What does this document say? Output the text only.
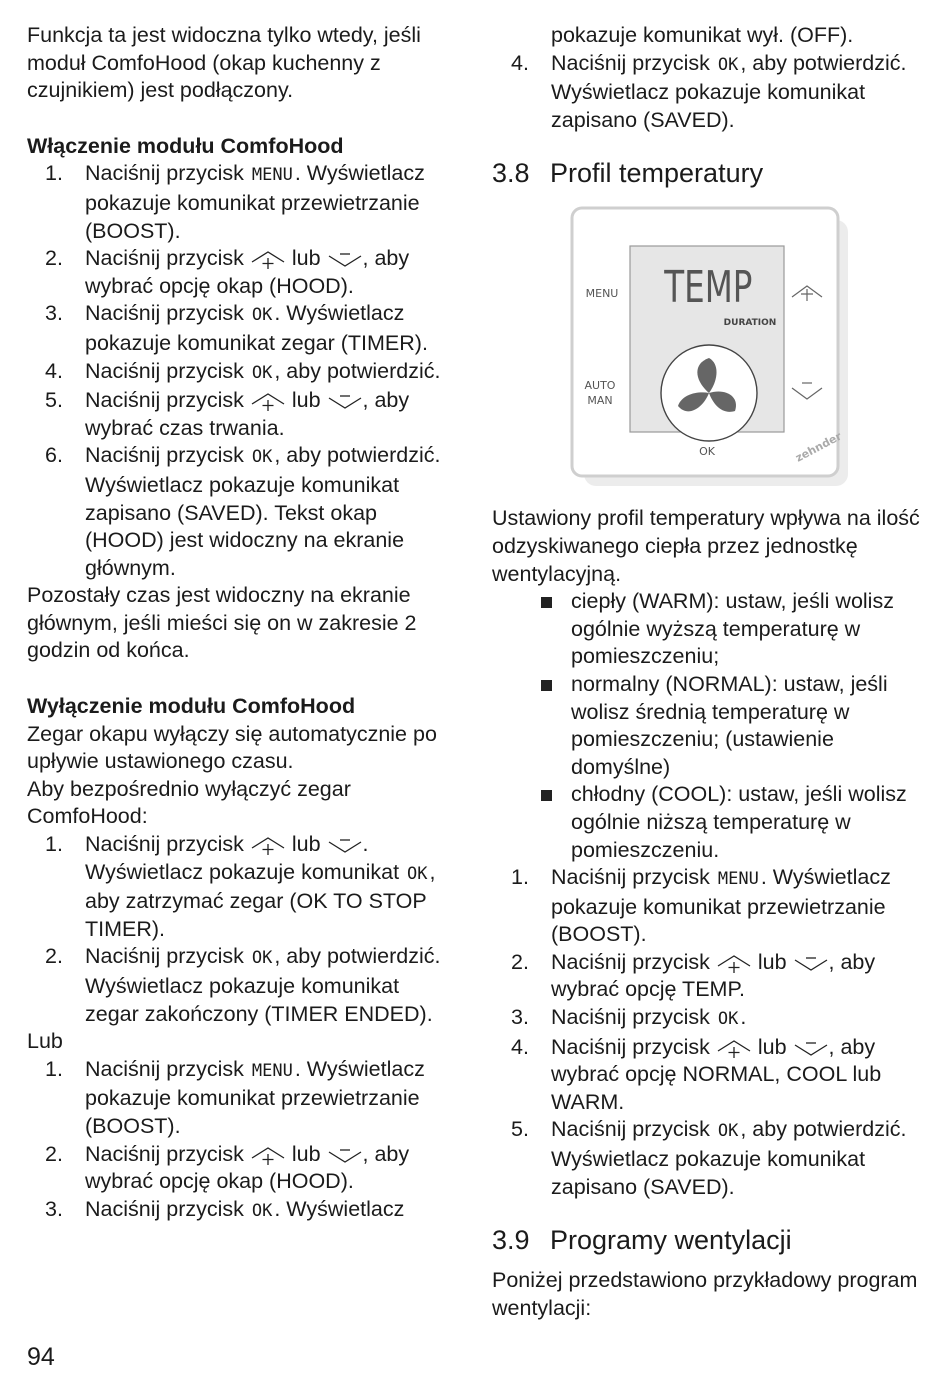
Funkcja ta jest widoczna tylko wtedy, jeśli moduł ComfoHood (okap kuchenny z czujnikiem) jest podłączony.

Włączenie modułu ComfoHood

1. Naciśnij przycisk MENU. Wyświetlacz pokazuje komunikat przewietrzanie (BOOST).
2. Naciśnij przycisk  lub , aby wybrać opcję okap (HOOD).
3. Naciśnij przycisk OK. Wyświetlacz pokazuje komunikat zegar (TIMER).
4. Naciśnij przycisk OK, aby potwierdzić.
5. Naciśnij przycisk  lub , aby wybrać czas trwania.
6. Naciśnij przycisk OK, aby potwierdzić. Wyświetlacz pokazuje komunikat zapisano (SAVED). Tekst okap (HOOD) jest widoczny na ekranie głównym.

Pozostały czas jest widoczny na ekranie głównym, jeśli mieści się on w zakresie 2 godzin od końca.

Wyłączenie modułu ComfoHood

Zegar okapu wyłączy się automatycznie po upływie ustawionego czasu.

Aby bezpośrednio wyłączyć zegar ComfoHood:

1. Naciśnij przycisk  lub . Wyświetlacz pokazuje komunikat OK, aby zatrzymać zegar (OK TO STOP TIMER).
2. Naciśnij przycisk OK, aby potwierdzić. Wyświetlacz pokazuje komunikat zegar zakończony (TIMER ENDED).

Lub

1. Naciśnij przycisk MENU. Wyświetlacz pokazuje komunikat przewietrzanie (BOOST).
2. Naciśnij przycisk  lub , aby wybrać opcję okap (HOOD).
3. Naciśnij przycisk OK. Wyświetlacz

pokazuje komunikat wył. (OFF).

4. Naciśnij przycisk OK, aby potwierdzić. Wyświetlacz pokazuje komunikat zapisano (SAVED).
3.8 Profil temperatury
TEMP
DURATION
MENU
AUTO
MAN
OK	zehnder

Ustawiony profil temperatury wpływa na ilość odzyskiwanego ciepła przez jednostkę wentylacyjną.

ciepły (WARM): ustaw, jeśli wolisz ogólnie wyższą temperaturę w pomieszczeniu;
normalny (NORMAL): ustaw, jeśli wolisz średnią temperaturę w pomieszczeniu; (ustawienie domyślne)
chłodny (COOL): ustaw, jeśli wolisz ogólnie niższą temperaturę w pomieszczeniu.
1. Naciśnij przycisk MENU. Wyświetlacz pokazuje komunikat przewietrzanie (BOOST).
2. Naciśnij przycisk  lub , aby wybrać opcję TEMP.
3. Naciśnij przycisk OK.
4. Naciśnij przycisk  lub , aby wybrać opcję NORMAL, COOL lub WARM.
5. Naciśnij przycisk OK, aby potwierdzić. Wyświetlacz pokazuje komunikat zapisano (SAVED).
3.9 Programy wentylacji

Poniżej przedstawiono przykładowy program wentylacji:

94
